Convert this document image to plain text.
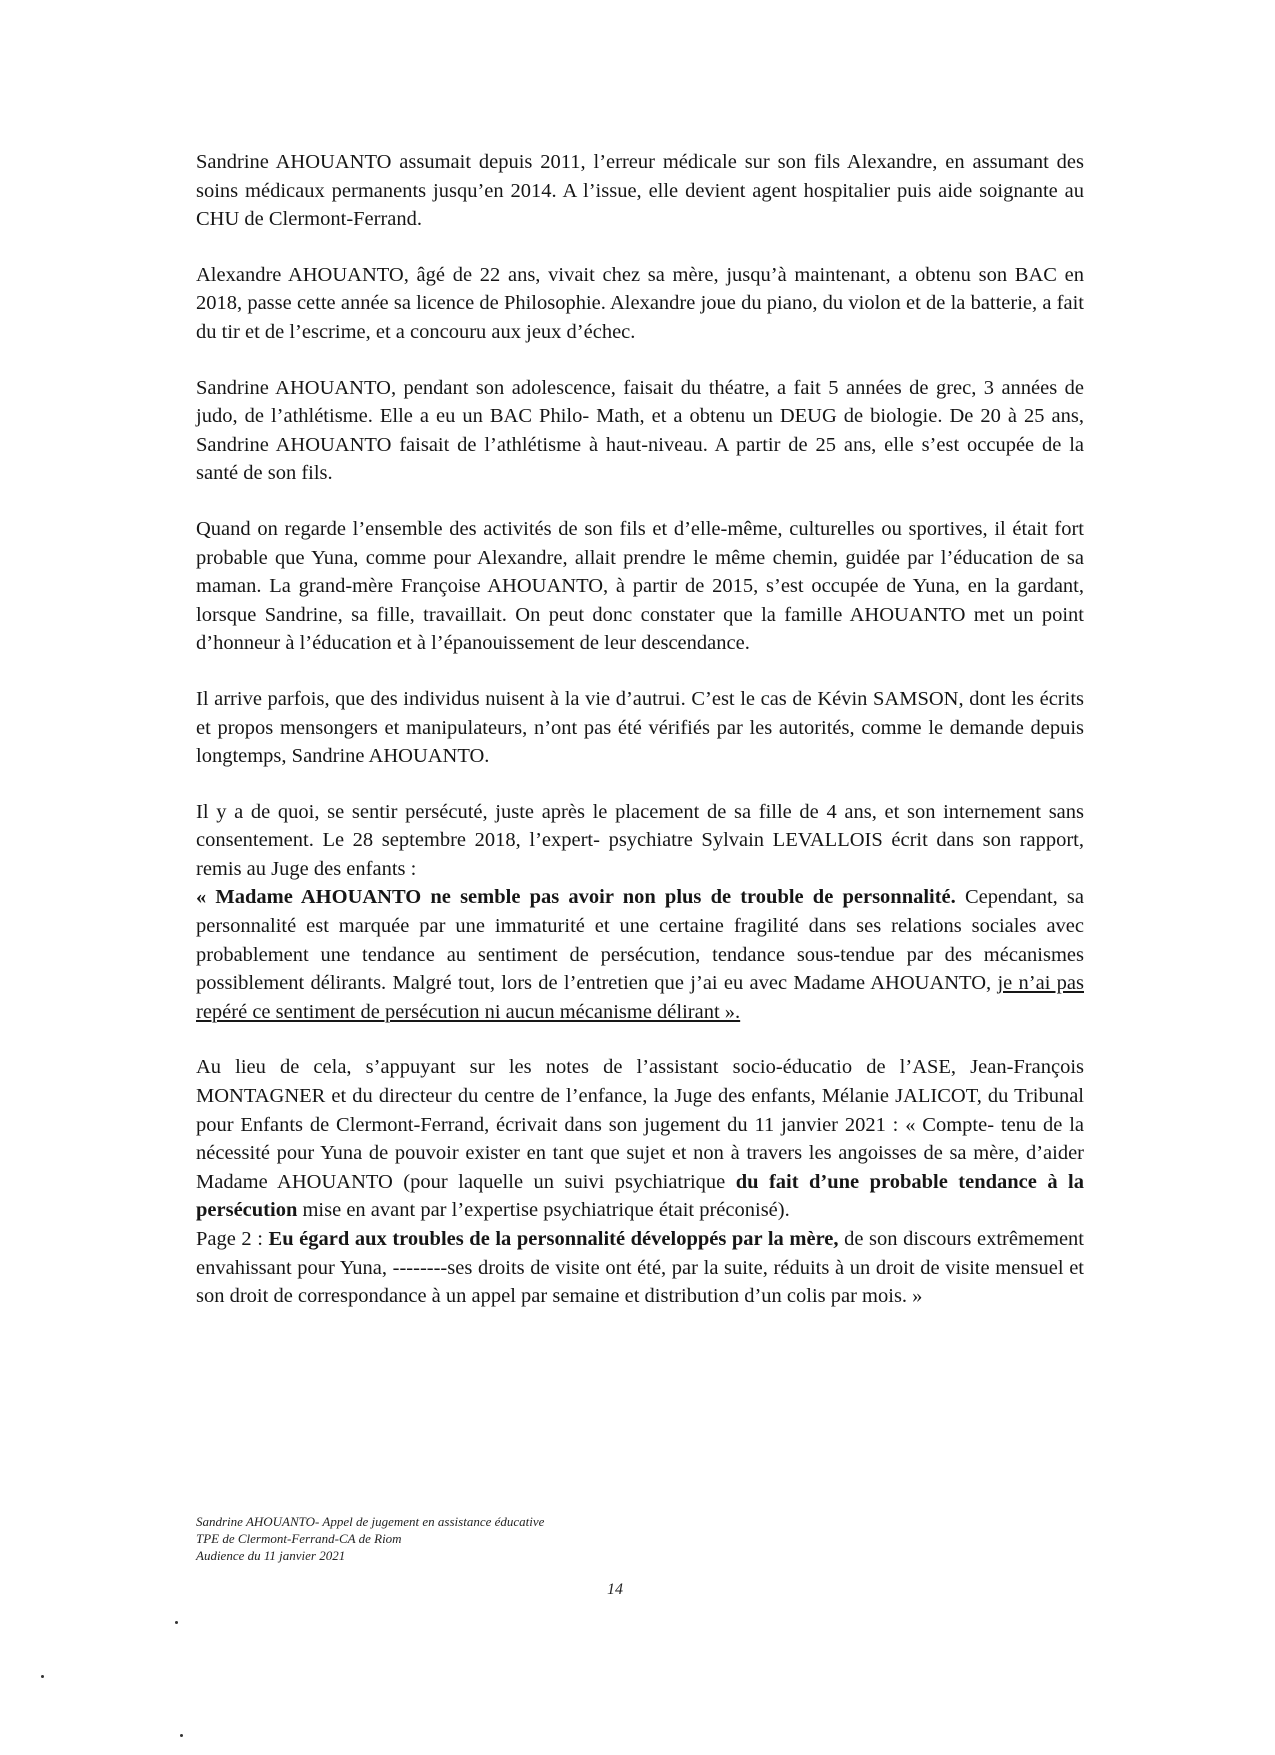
Sandrine AHOUANTO assumait depuis 2011, l’erreur médicale sur son fils Alexandre, en assumant des soins médicaux permanents jusqu’en 2014. A l’issue, elle devient agent hospitalier puis aide soignante au CHU de Clermont-Ferrand.

Alexandre AHOUANTO, âgé de 22 ans, vivait chez sa mère, jusqu’à maintenant, a obtenu son BAC en 2018, passe cette année sa licence de Philosophie. Alexandre joue du piano, du violon et de la batterie, a fait du tir et de l’escrime, et a concouru aux jeux d’échec.

Sandrine AHOUANTO, pendant son adolescence, faisait du théatre, a fait 5 années de grec, 3 années de judo, de l’athlétisme. Elle a eu un BAC Philo- Math, et a obtenu un DEUG de biologie. De 20 à 25 ans, Sandrine AHOUANTO faisait de l’athlétisme à haut-niveau. A partir de 25 ans, elle s’est occupée de la santé de son fils.

Quand on regarde l’ensemble des activités de son fils et d’elle-même, culturelles ou sportives, il était fort probable que Yuna, comme pour Alexandre, allait prendre le même chemin, guidée par l’éducation de sa maman. La grand-mère Françoise AHOUANTO, à partir de 2015, s’est occupée de Yuna, en la gardant, lorsque Sandrine, sa fille, travaillait. On peut donc constater que la famille AHOUANTO met un point d’honneur à l’éducation et à l’épanouissement de leur descendance.

Il arrive parfois, que des individus nuisent à la vie d’autrui. C’est le cas de Kévin SAMSON, dont les écrits et propos mensongers et manipulateurs, n’ont pas été vérifiés par les autorités, comme le demande depuis longtemps, Sandrine AHOUANTO.

Il y a de quoi, se sentir persécuté, juste après le placement de sa fille de 4 ans, et son internement sans consentement. Le 28 septembre 2018, l’expert- psychiatre Sylvain LEVALLOIS écrit dans son rapport, remis au Juge des enfants :
« Madame AHOUANTO ne semble pas avoir non plus de trouble de personnalité. Cependant, sa personnalité est marquée par une immaturité et une certaine fragilité dans ses relations sociales avec probablement une tendance au sentiment de persécution, tendance sous-tendue par des mécanismes possiblement délirants. Malgré tout, lors de l’entretien que j’ai eu avec Madame AHOUANTO, je n’ai pas repéré ce sentiment de persécution ni aucun mécanisme délirant ».

Au lieu de cela, s’appuyant sur les notes de l’assistant socio-éducatio de l’ASE, Jean-François MONTAGNER et du directeur du centre de l’enfance, la Juge des enfants, Mélanie JALICOT, du Tribunal pour Enfants de Clermont-Ferrand, écrivait dans son jugement du 11 janvier 2021 : « Compte- tenu de la nécessité pour Yuna de pouvoir exister en tant que sujet et non à travers les angoisses de sa mère, d’aider Madame AHOUANTO (pour laquelle un suivi psychiatrique du fait d’une probable tendance à la persécution mise en avant par l’expertise psychiatrique était préconisé).

Page 2 : Eu égard aux troubles de la personnalité développés par la mère, de son discours extrêmement envahissant pour Yuna, --------ses droits de visite ont été, par la suite, réduits à un droit de visite mensuel et son droit de correspondance à un appel par semaine et distribution d’un colis par mois. »

Sandrine AHOUANTO- Appel de jugement en assistance éducative
TPE de Clermont-Ferrand-CA de Riom
Audience du 11 janvier 2021
14
